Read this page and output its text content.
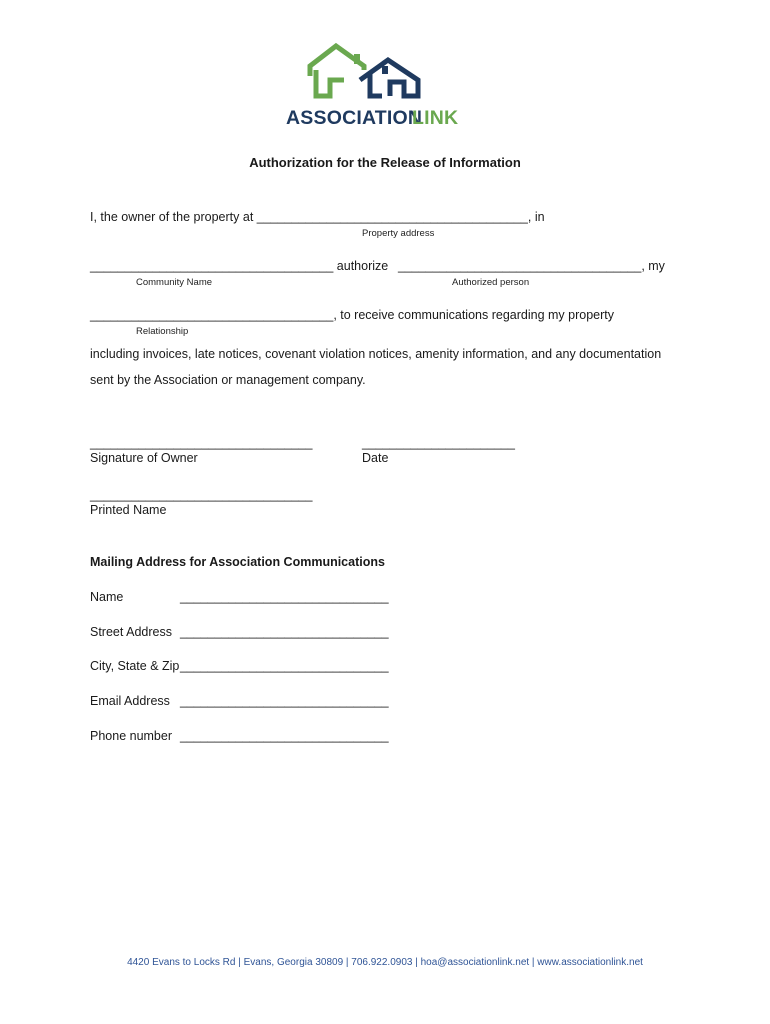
ASSOCIATION
LINK
Authorization for the Release of Information
I, the owner of the property at _______________________________________, in
Property address
___________________________________ authorize ___________________________________, my
Community Name	Authorized person
___________________________________, to receive communications regarding my property
Relationship
including invoices, late notices, covenant violation notices, amenity information, and any documentation
sent by the Association or management company.
________________________________
Signature of Owner
______________________
Date
________________________________
Printed Name
Mailing Address for Association Communications
Name	______________________________
Street Address ______________________________
City, State & Zip ______________________________
Email Address ______________________________
Phone number ______________________________
4420 Evans to Locks Rd | Evans, Georgia 30809 | 706.922.0903 | hoa@associationlink.net | www.associationlink.net
